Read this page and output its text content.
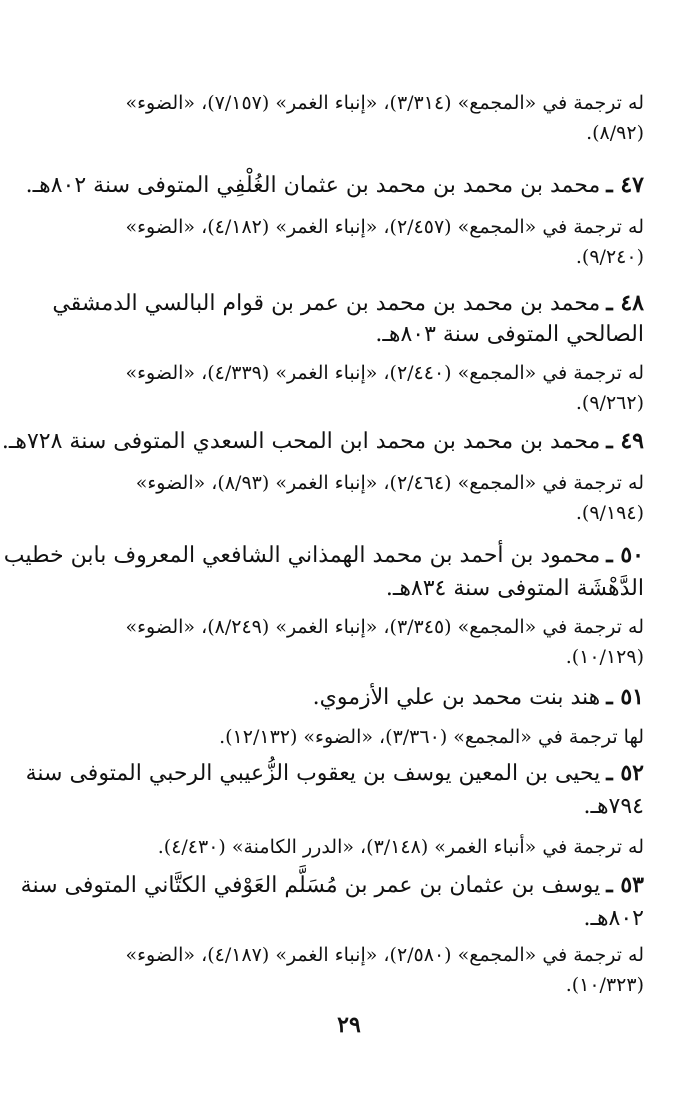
له ترجمة في «المجمع» (٣/٣١٤)، «إنباء الغمر» (٧/١٥٧)، «الضوء»
(٨/٩٢).
٤٧ ـمحمد بن محمد بن محمد بن عثمان الغُلْفِي المتوفى سنة ٨٠٢هـ.
له ترجمة في «المجمع» (٢/٤٥٧)، «إنباء الغمر» (٤/١٨٢)، «الضوء»
(٩/٢٤٠).
٤٨ ـمحمد بن محمد بن محمد بن عمر بن قوام البالسي الدمشقي
الصالحي المتوفى سنة ٨٠٣هـ.
له ترجمة في «المجمع» (٢/٤٤٠)، «إنباء الغمر» (٤/٣٣٩)، «الضوء»
(٩/٢٦٢).
٤٩ ـمحمد بن محمد بن محمد ابن المحب السعدي المتوفى سنة ٧٢٨هـ.
له ترجمة في «المجمع» (٢/٤٦٤)، «إنباء الغمر» (٨/٩٣)، «الضوء»
(٩/١٩٤).
٥٠ ـمحمود بن أحمد بن محمد الهمذاني الشافعي المعروف بابن خطيب
الدَّهْشَة المتوفى سنة ٨٣٤هـ.
له ترجمة في «المجمع» (٣/٣٤٥)، «إنباء الغمر» (٨/٢٤٩)، «الضوء»
(١٠/١٢٩).
٥١ ـهند بنت محمد بن علي الأزموي.
لها ترجمة في «المجمع» (٣/٣٦٠)، «الضوء» (١٢/١٣٢).
٥٢ ـيحيى بن المعين يوسف بن يعقوب الزُّعيبي الرحبي المتوفى سنة
٧٩٤هـ.
له ترجمة في «أنباء الغمر» (٣/١٤٨)، «الدرر الكامنة» (٤/٤٣٠).
٥٣ ـيوسف بن عثمان بن عمر بن مُسَلَّم العَوْفي الكتَّاني المتوفى سنة
٨٠٢هـ.
له ترجمة في «المجمع» (٢/٥٨٠)، «إنباء الغمر» (٤/١٨٧)، «الضوء»
(١٠/٣٢٣).
٢٩
